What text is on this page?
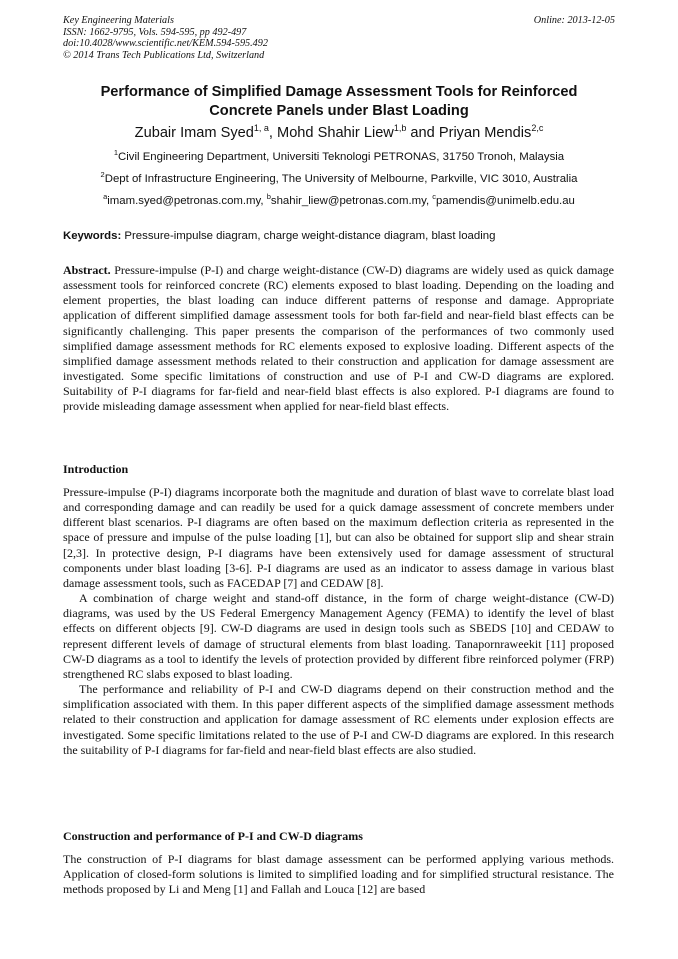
Key Engineering Materials
ISSN: 1662-9795, Vols. 594-595, pp 492-497
doi:10.4028/www.scientific.net/KEM.594-595.492
© 2014 Trans Tech Publications Ltd, Switzerland
Online: 2013-12-05
Performance of Simplified Damage Assessment Tools for Reinforced
Concrete Panels under Blast Loading
Zubair Imam Syed$^{1, a}$, Mohd Shahir Liew$^{1,b}$ and Priyan Mendis$^{2,c}$
$^1$Civil Engineering Department, Universiti Teknologi PETRONAS, 31750 Tronoh, Malaysia
$^2$Dept of Infrastructure Engineering, The University of Melbourne, Parkville, VIC 3010, Australia
$^a$imam.syed@petronas.com.my, $^b$shahir_liew@petronas.com.my, $^c$pamendis@unimelb.edu.au
Keywords: Pressure-impulse diagram, charge weight-distance diagram, blast loading

Abstract. Pressure-impulse (P-I) and charge weight-distance (CW-D) diagrams are widely used as quick damage assessment tools for reinforced concrete (RC) elements exposed to blast loading. Depending on the loading and element properties, the blast loading can induce different patterns of response and damage. Appropriate application of different simplified damage assessment tools for both far-field and near-field blast effects can be significantly challenging. This paper presents the comparison of the performances of two commonly used simplified damage assessment methods for RC elements exposed to explosive loading. Different aspects of the simplified damage assessment methods related to their construction and application for damage assessment are investigated. Some specific limitations of construction and use of P-I and CW-D diagrams are explored. Suitability of P-I diagrams for far-field and near-field blast effects is also explored. P-I diagrams are found to provide misleading damage assessment when applied for near-field blast effects.

Introduction

Pressure-impulse (P-I) diagrams incorporate both the magnitude and duration of blast wave to correlate blast load and corresponding damage and can readily be used for a quick damage assessment of concrete members under different blast scenarios. P-I diagrams are often based on the maximum deflection criteria as represented in the space of pressure and impulse of the pulse loading [1], but can also be obtained for support slip and shear strain [2,3]. In protective design, P-I diagrams have been extensively used for damage assessment of structural components under blast loading [3-6]. P-I diagrams are used as an indicator to assess damage in various blast damage assessment tools, such as FACEDAP [7] and CEDAW [8].

A combination of charge weight and stand-off distance, in the form of charge weight-distance (CW-D) diagrams, was used by the US Federal Emergency Management Agency (FEMA) to identify the level of blast effects on different objects [9]. CW-D diagrams are used in design tools such as SBEDS [10] and CEDAW to represent different levels of damage of structural elements from blast loading. Tanapornraweekit [11] proposed CW-D diagrams as a tool to identify the levels of protection provided by different fibre reinforced polymer (FRP) strengthened RC slabs exposed to blast loading.

The performance and reliability of P-I and CW-D diagrams depend on their construction method and the simplification associated with them. In this paper different aspects of the simplified damage assessment methods related to their construction and application for damage assessment of RC elements under explosion effects are investigated. Some specific limitations related to the use of P-I and CW-D diagrams are explored. In this research the suitability of P-I diagrams for far-field and near-field blast effects are also studied.

Construction and performance of P-I and CW-D diagrams

The construction of P-I diagrams for blast damage assessment can be performed applying various methods. Application of closed-form solutions is limited to simplified loading and for simplified structural resistance. The methods proposed by Li and Meng [1] and Fallah and Louca [12] are based
